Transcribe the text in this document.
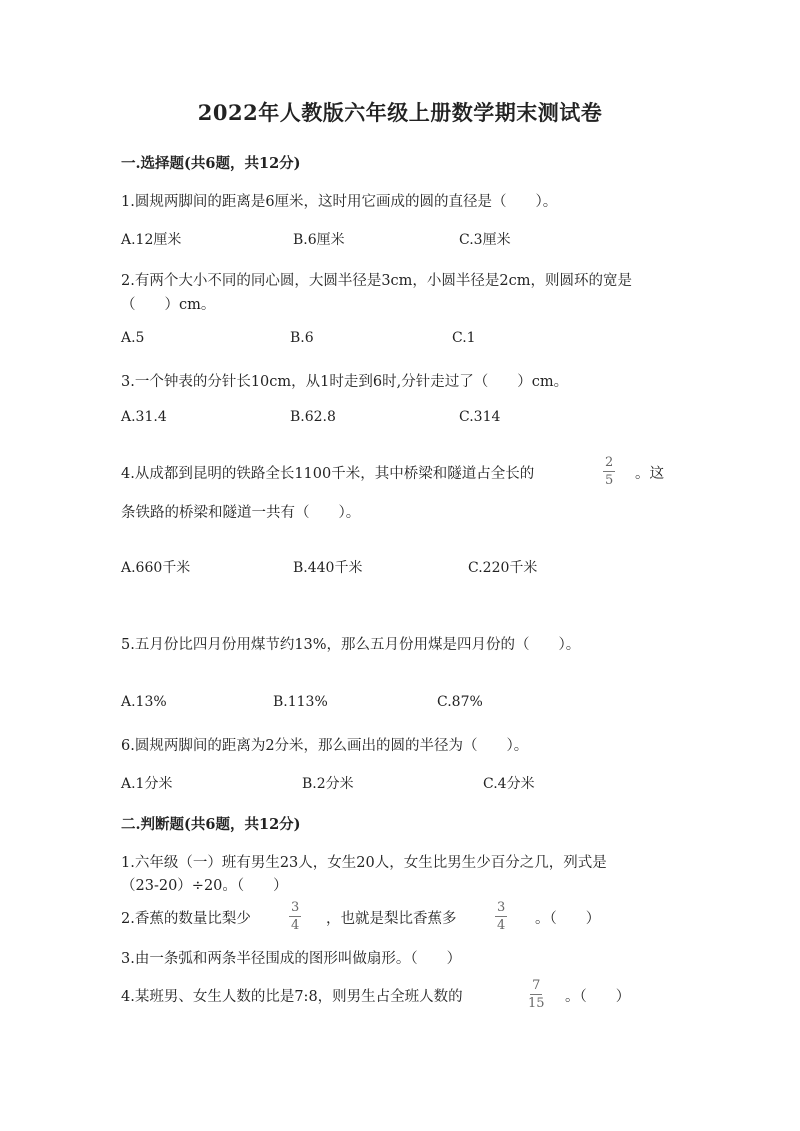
2022年人教版六年级上册数学期末测试卷
一.选择题(共6题，共12分)
1.圆规两脚间的距离是6厘米，这时用它画成的圆的直径是（　　）。
A.12厘米	B.6厘米	C.3厘米
2.有两个大小不同的同心圆，大圆半径是3cm，小圆半径是2cm，则圆环的宽是
（　　）cm。
A.5	B.6	C.1
3.一个钟表的分针长10cm，从1时走到6时,分针走过了（　　）cm。
A.31.4	B.62.8	C.314
4.从成都到昆明的铁路全长1100千米，其中桥梁和隧道占全长的	$\frac{2}{5}$ 。这
条铁路的桥梁和隧道一共有（　　）。
A.660千米	B.440千米	C.220千米
5.五月份比四月份用煤节约13%，那么五月份用煤是四月份的（　　）。
A.13%	B.113%	C.87%
6.圆规两脚间的距离为2分米，那么画出的圆的半径为（　　）。
A.1分米	B.2分米	C.4分米
二.判断题(共6题，共12分)
1.六年级（一）班有男生23人，女生20人，女生比男生少百分之几，列式是
（23-20）÷20。（　　）
2.香蕉的数量比梨少	$\frac{3}{4}$ ，也就是梨比香蕉多	$\frac{3}{4}$ 。（　　）
3.由一条弧和两条半径围成的图形叫做扇形。（　　）
4.某班男、女生人数的比是7:8，则男生占全班人数的	$\frac{7}{15}$ 。（　　）
